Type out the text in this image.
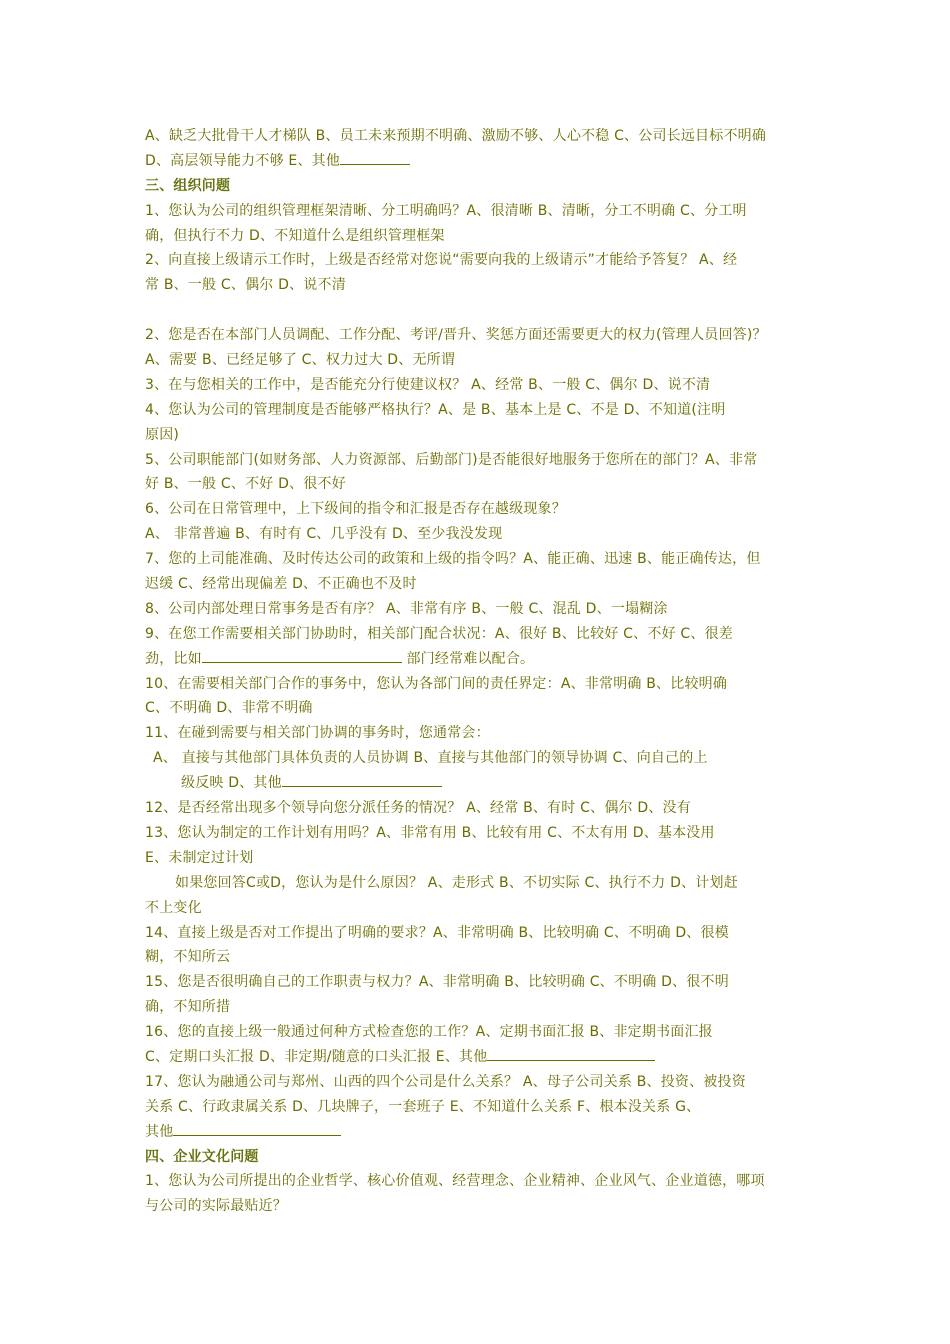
A、缺乏大批骨干人才梯队 B、员工未来预期不明确、激励不够、人心不稳 C、公司长远目标不明确
D、高层领导能力不够 E、其他
三、组织问题
1、您认为公司的组织管理框架清晰、分工明确吗？A、很清晰 B、清晰，分工不明确 C、分工明
确，但执行不力 D、不知道什么是组织管理框架
2、向直接上级请示工作时，上级是否经常对您说“需要向我的上级请示”才能给予答复？ A、经
常 B、一般 C、偶尔 D、说不清
2、您是否在本部门人员调配、工作分配、考评/晋升、奖惩方面还需要更大的权力(管理人员回答)？
A、需要 B、已经足够了 C、权力过大 D、无所谓
3、在与您相关的工作中，是否能充分行使建议权？ A、经常 B、一般 C、偶尔 D、说不清
4、您认为公司的管理制度是否能够严格执行？A、是 B、基本上是 C、不是 D、不知道(注明
原因)
5、公司职能部门(如财务部、人力资源部、后勤部门)是否能很好地服务于您所在的部门？A、非常
好 B、一般 C、不好 D、很不好
6、公司在日常管理中，上下级间的指令和汇报是否存在越级现象？
A、 非常普遍 B、有时有 C、几乎没有 D、至少我没发现
7、您的上司能准确、及时传达公司的政策和上级的指令吗？A、能正确、迅速 B、能正确传达，但
迟缓 C、经常出现偏差 D、不正确也不及时
8、公司内部处理日常事务是否有序？ A、非常有序 B、一般 C、混乱 D、一塌糊涂
9、在您工作需要相关部门协助时，相关部门配合状况：A、很好 B、比较好 C、不好 C、很差
劲，比如	部门经常难以配合。
10、在需要相关部门合作的事务中，您认为各部门间的责任界定：A、非常明确 B、比较明确
C、不明确 D、非常不明确
11、在碰到需要与相关部门协调的事务时，您通常会：
A、 直接与其他部门具体负责的人员协调 B、直接与其他部门的领导协调 C、向自己的上
级反映 D、其他
12、是否经常出现多个领导向您分派任务的情况？ A、经常 B、有时 C、偶尔 D、没有
13、您认为制定的工作计划有用吗？A、非常有用 B、比较有用 C、不太有用 D、基本没用
E、未制定过计划
如果您回答C或D，您认为是什么原因？ A、走形式 B、不切实际 C、执行不力 D、计划赶
不上变化
14、直接上级是否对工作提出了明确的要求？A、非常明确 B、比较明确 C、不明确 D、很模
糊，不知所云
15、您是否很明确自己的工作职责与权力？A、非常明确 B、比较明确 C、不明确 D、很不明
确，不知所措
16、您的直接上级一般通过何种方式检查您的工作？A、定期书面汇报 B、非定期书面汇报
C、定期口头汇报 D、非定期/随意的口头汇报 E、其他
17、您认为融通公司与郑州、山西的四个公司是什么关系？ A、母子公司关系 B、投资、被投资
关系 C、行政隶属关系 D、几块牌子，一套班子 E、不知道什么关系 F、根本没关系 G、
其他
四、企业文化问题
1、您认为公司所提出的企业哲学、核心价值观、经营理念、企业精神、企业风气、企业道德，哪项
与公司的实际最贴近？
